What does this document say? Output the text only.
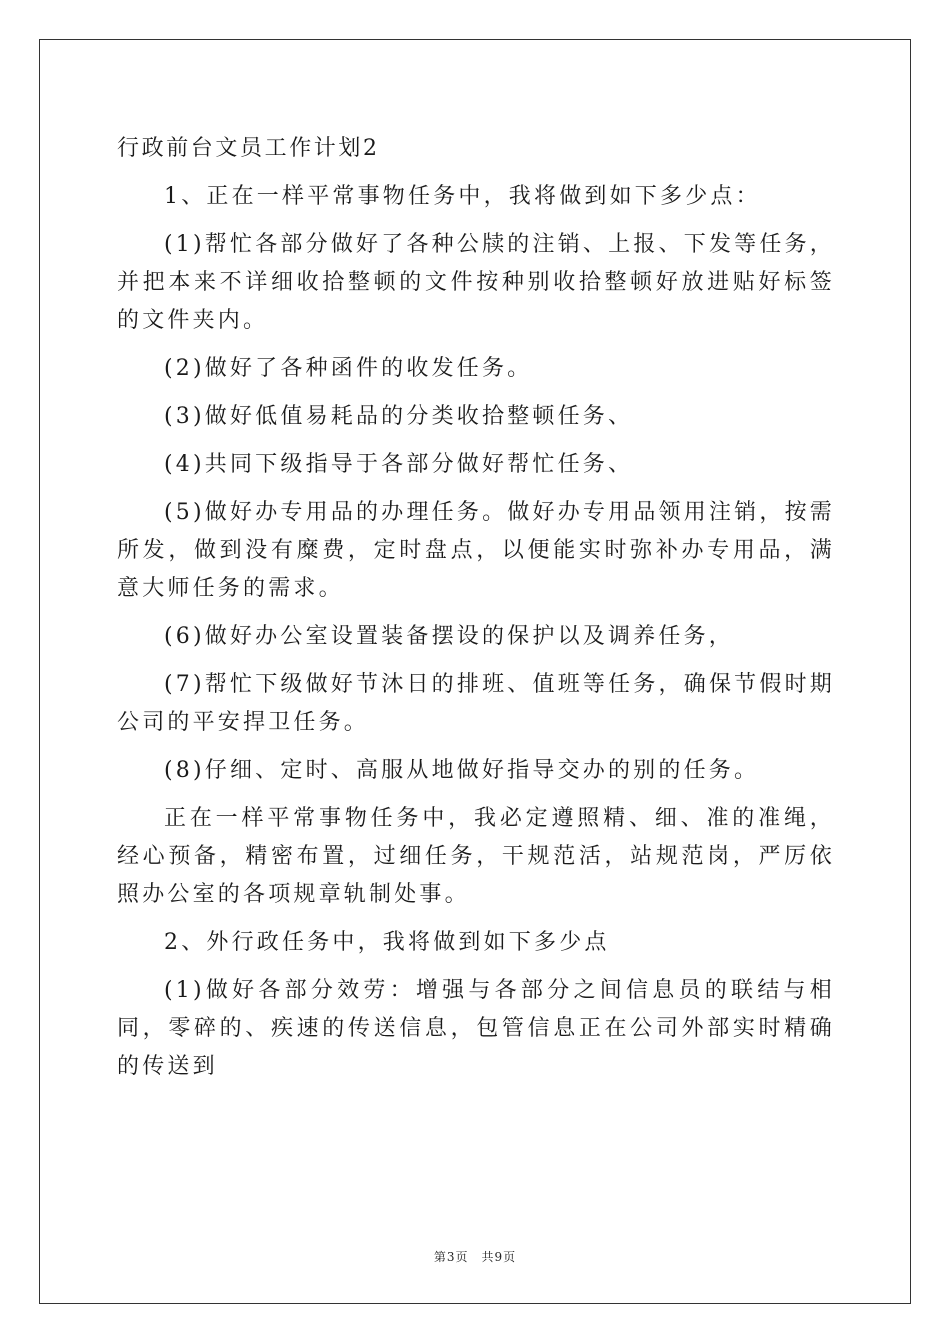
行政前台文员工作计划2

1、正在一样平常事物任务中，我将做到如下多少点：

(1)帮忙各部分做好了各种公牍的注销、上报、下发等任务，并把本来不详细收拾整顿的文件按种别收拾整顿好放进贴好标签的文件夹内。

(2)做好了各种函件的收发任务。

(3)做好低值易耗品的分类收拾整顿任务、

(4)共同下级指导于各部分做好帮忙任务、

(5)做好办专用品的办理任务。做好办专用品领用注销，按需所发，做到没有糜费，定时盘点，以便能实时弥补办专用品，满意大师任务的需求。

(6)做好办公室设置装备摆设的保护以及调养任务，

(7)帮忙下级做好节沐日的排班、值班等任务，确保节假时期公司的平安捍卫任务。

(8)仔细、定时、高服从地做好指导交办的别的任务。

正在一样平常事物任务中，我必定遵照精、细、准的准绳，经心预备，精密布置，过细任务，干规范活，站规范岗，严厉依照办公室的各项规章轨制处事。

2、外行政任务中，我将做到如下多少点

(1)做好各部分效劳：增强与各部分之间信息员的联结与相同，零碎的、疾速的传送信息，包管信息正在公司外部实时精确的传送到

第3页　共9页
